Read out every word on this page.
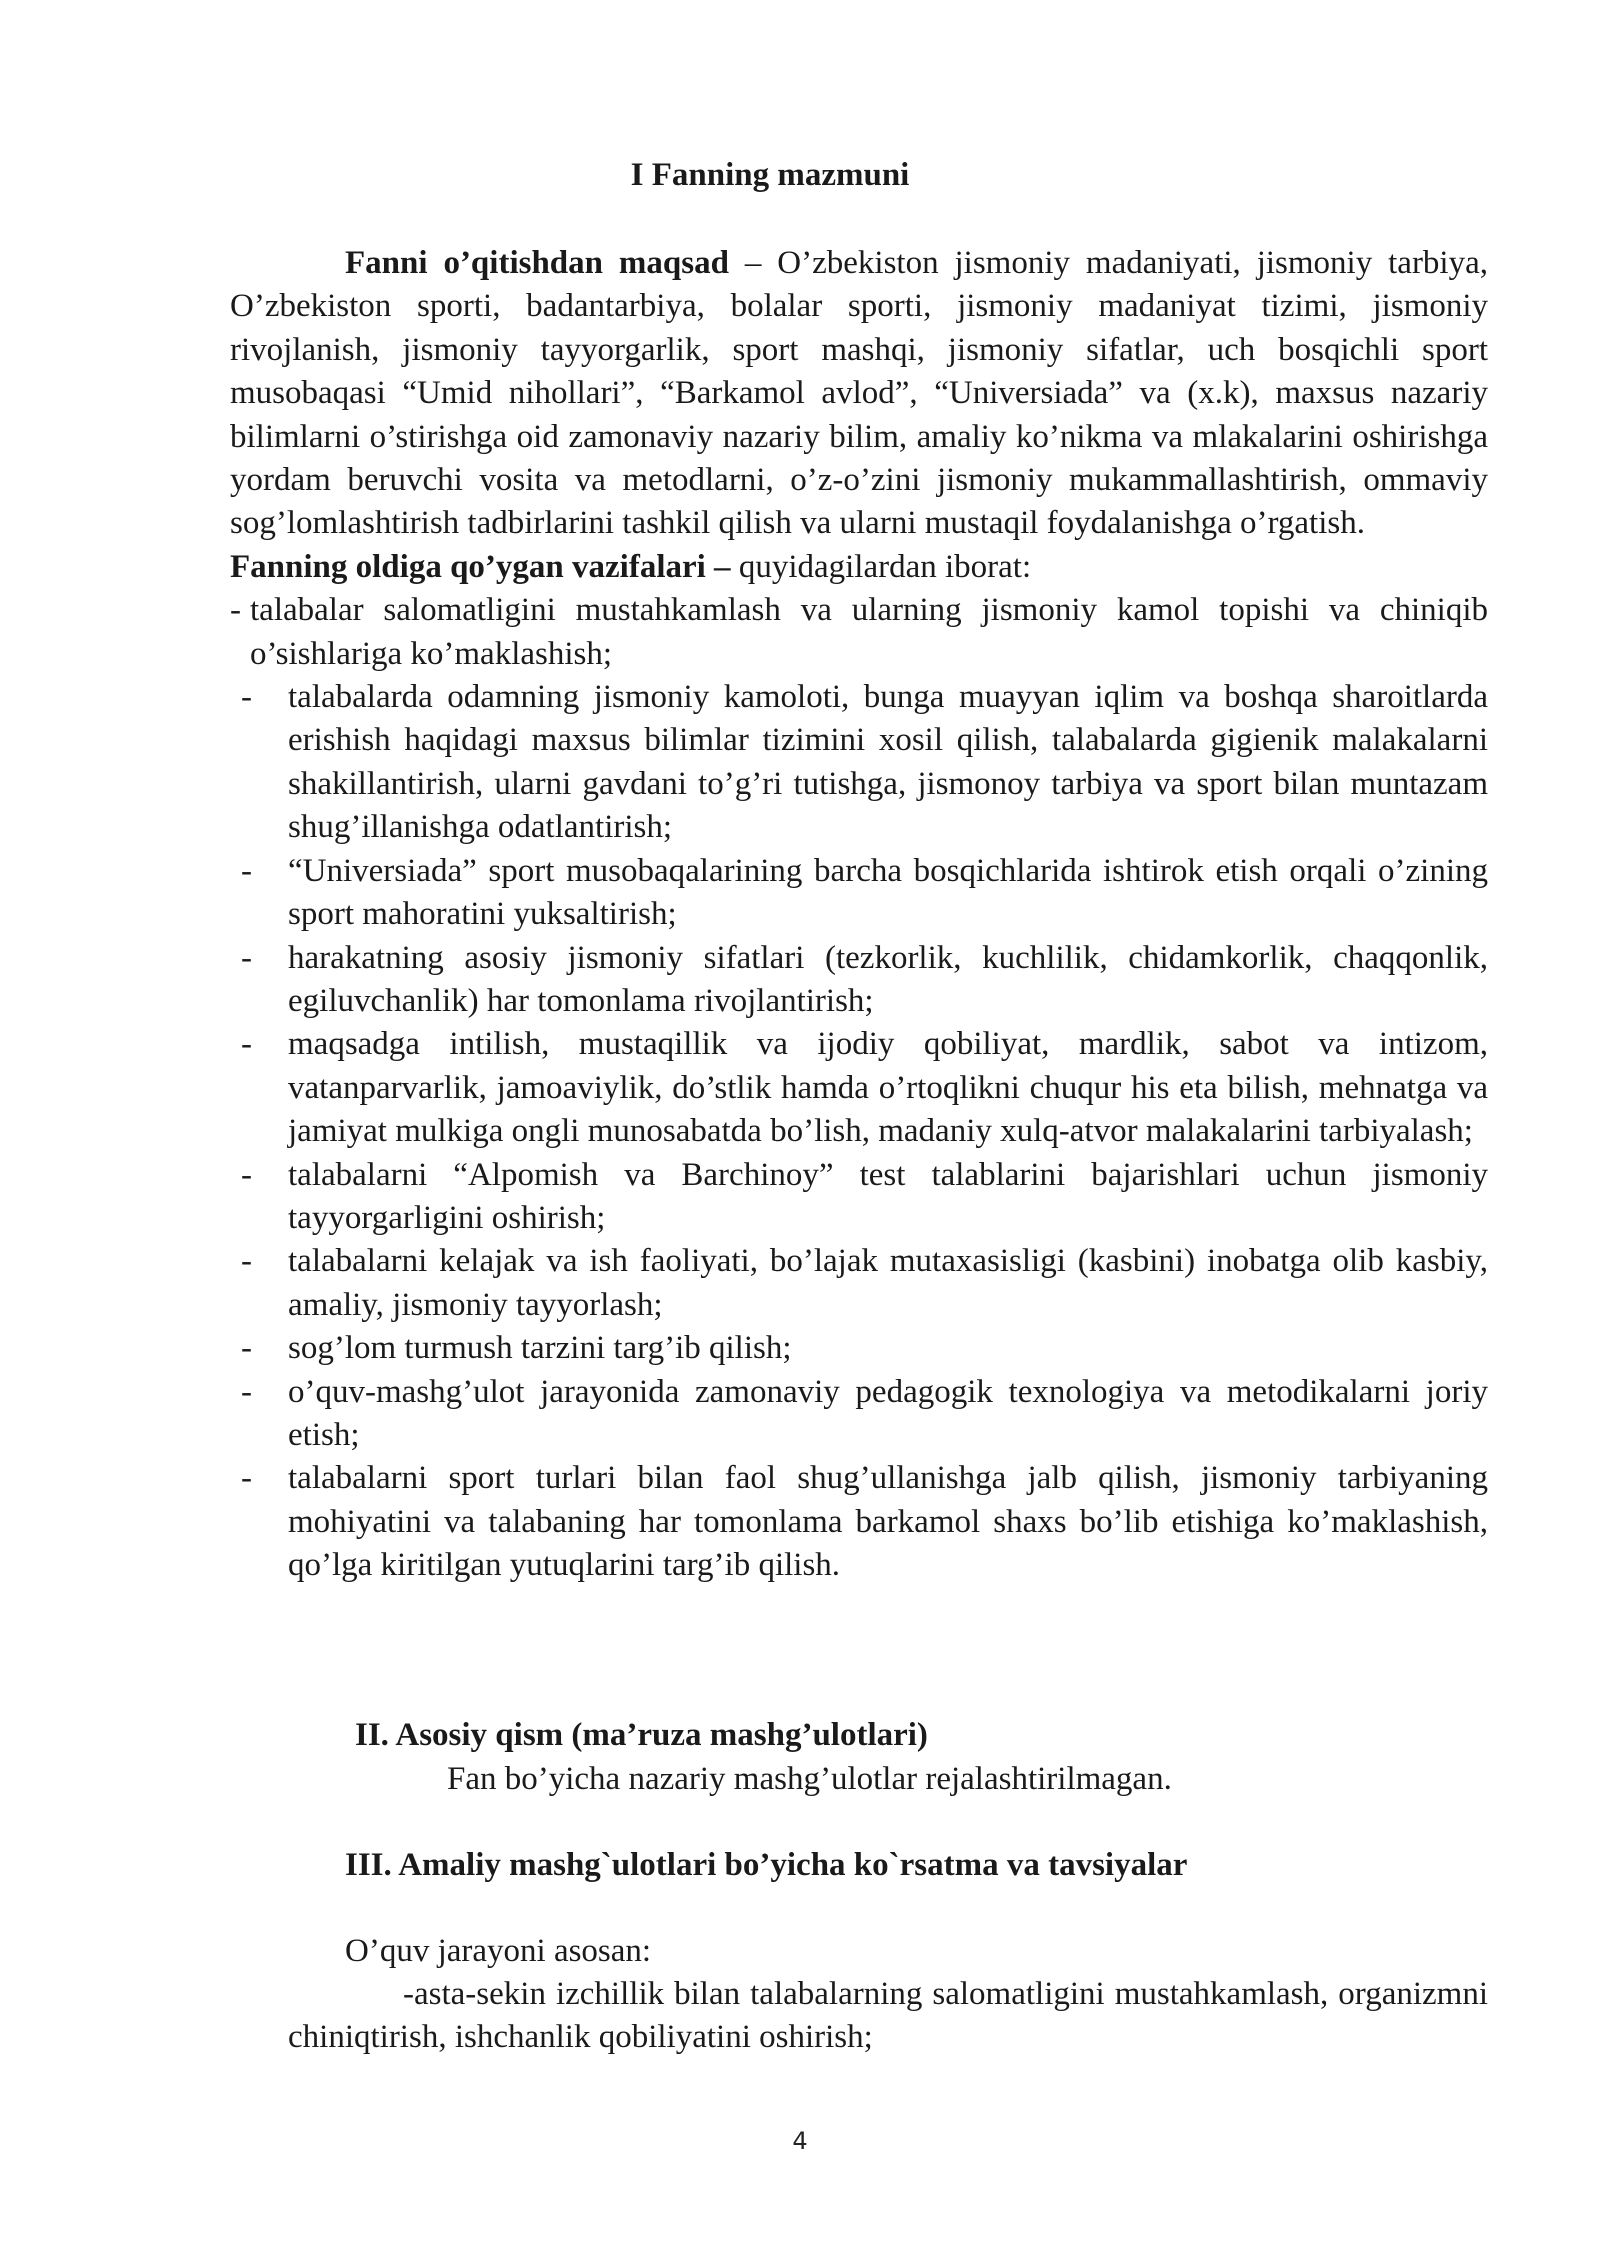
I Fanning mazmuni

Fanni o’qitishdan maqsad – O’zbekiston jismoniy madaniyati, jismoniy tarbiya, O’zbekiston sporti, badantarbiya, bolalar sporti, jismoniy madaniyat tizimi, jismoniy rivojlanish, jismoniy tayyorgarlik, sport mashqi, jismoniy sifatlar, uch bosqichli sport musobaqasi “Umid nihollari”, “Barkamol avlod”, “Universiada” va (x.k), maxsus nazariy bilimlarni o’stirishga oid zamonaviy nazariy bilim, amaliy ko’nikma va mlakalarini oshirishga yordam beruvchi vosita va metodlarni, o’z-o’zini jismoniy mukammallashtirish, ommaviy sog’lomlashtirish tadbirlarini tashkil qilish va ularni mustaqil foydalanishga o’rgatish.

Fanning oldiga qo’ygan vazifalari – quyidagilardan iborat:

- talabalar salomatligini mustahkamlash va ularning jismoniy kamol topishi va chiniqib o’sishlariga ko’maklashish;
- talabalarda odamning jismoniy kamoloti, bunga muayyan iqlim va boshqa sharoitlarda erishish haqidagi maxsus bilimlar tizimini xosil qilish, talabalarda gigienik malakalarni shakillantirish, ularni gavdani to’g’ri tutishga, jismonoy tarbiya va sport bilan muntazam shug’illanishga odatlantirish;
- “Universiada” sport musobaqalarining barcha bosqichlarida ishtirok etish orqali o’zining sport mahoratini yuksaltirish;
- harakatning asosiy jismoniy sifatlari (tezkorlik, kuchlilik, chidamkorlik, chaqqonlik, egiluvchanlik) har tomonlama rivojlantirish;
- maqsadga intilish, mustaqillik va ijodiy qobiliyat, mardlik, sabot va intizom, vatanparvarlik, jamoaviylik, do’stlik hamda o’rtoqlikni chuqur his eta bilish, mehnatga va jamiyat mulkiga ongli munosabatda bo’lish, madaniy xulq-atvor malakalarini tarbiyalash;
- talabalarni “Alpomish va Barchinoy” test talablarini bajarishlari uchun jismoniy tayyorgarligini oshirish;
- talabalarni kelajak va ish faoliyati, bo’lajak mutaxasisligi (kasbini) inobatga olib kasbiy, amaliy, jismoniy tayyorlash;
- sog’lom turmush tarzini targ’ib qilish;
- o’quv-mashg’ulot jarayonida zamonaviy pedagogik texnologiya va metodikalarni joriy etish;
- talabalarni sport turlari bilan faol shug’ullanishga jalb qilish, jismoniy tarbiyaning mohiyatini va talabaning har tomonlama barkamol shaxs bo’lib etishiga ko’maklashish, qo’lga kiritilgan yutuqlarini targ’ib qilish.
II. Asosiy qism (ma’ruza mashg’ulotlari)

Fan bo’yicha nazariy mashg’ulotlar rejalashtirilmagan.

III. Amaliy mashg`ulotlari bo’yicha ko`rsatma va tavsiyalar

O’quv jarayoni asosan:

-asta-sekin izchillik bilan talabalarning salomatligini mustahkamlash, organizmni chiniqtirish, ishchanlik qobiliyatini oshirish;

4
